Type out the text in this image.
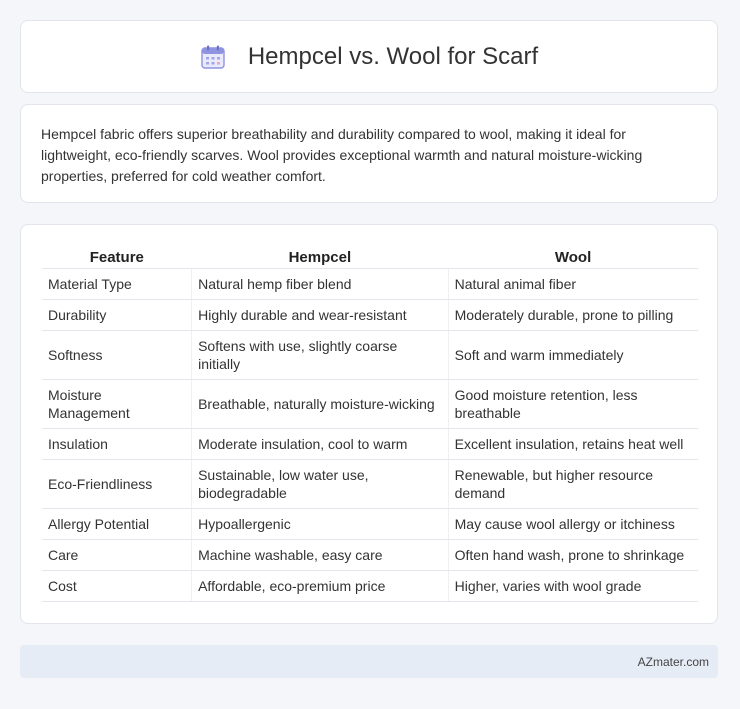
Hempcel vs. Wool for Scarf

Hempcel fabric offers superior breathability and durability compared to wool, making it ideal for lightweight, eco-friendly scarves. Wool provides exceptional warmth and natural moisture-wicking properties, preferred for cold weather comfort.

Feature	Hempcel	Wool
Material Type	Natural hemp fiber blend	Natural animal fiber
Durability	Highly durable and wear-resistant	Moderately durable, prone to pilling
Softness	Softens with use, slightly coarse initially	Soft and warm immediately
Moisture Management	Breathable, naturally moisture-wicking	Good moisture retention, less breathable
Insulation	Moderate insulation, cool to warm	Excellent insulation, retains heat well
Eco-Friendliness	Sustainable, low water use, biodegradable	Renewable, but higher resource demand
Allergy Potential	Hypoallergenic	May cause wool allergy or itchiness
Care	Machine washable, easy care	Often hand wash, prone to shrinkage
Cost	Affordable, eco-premium price	Higher, varies with wool grade
AZmater.com
